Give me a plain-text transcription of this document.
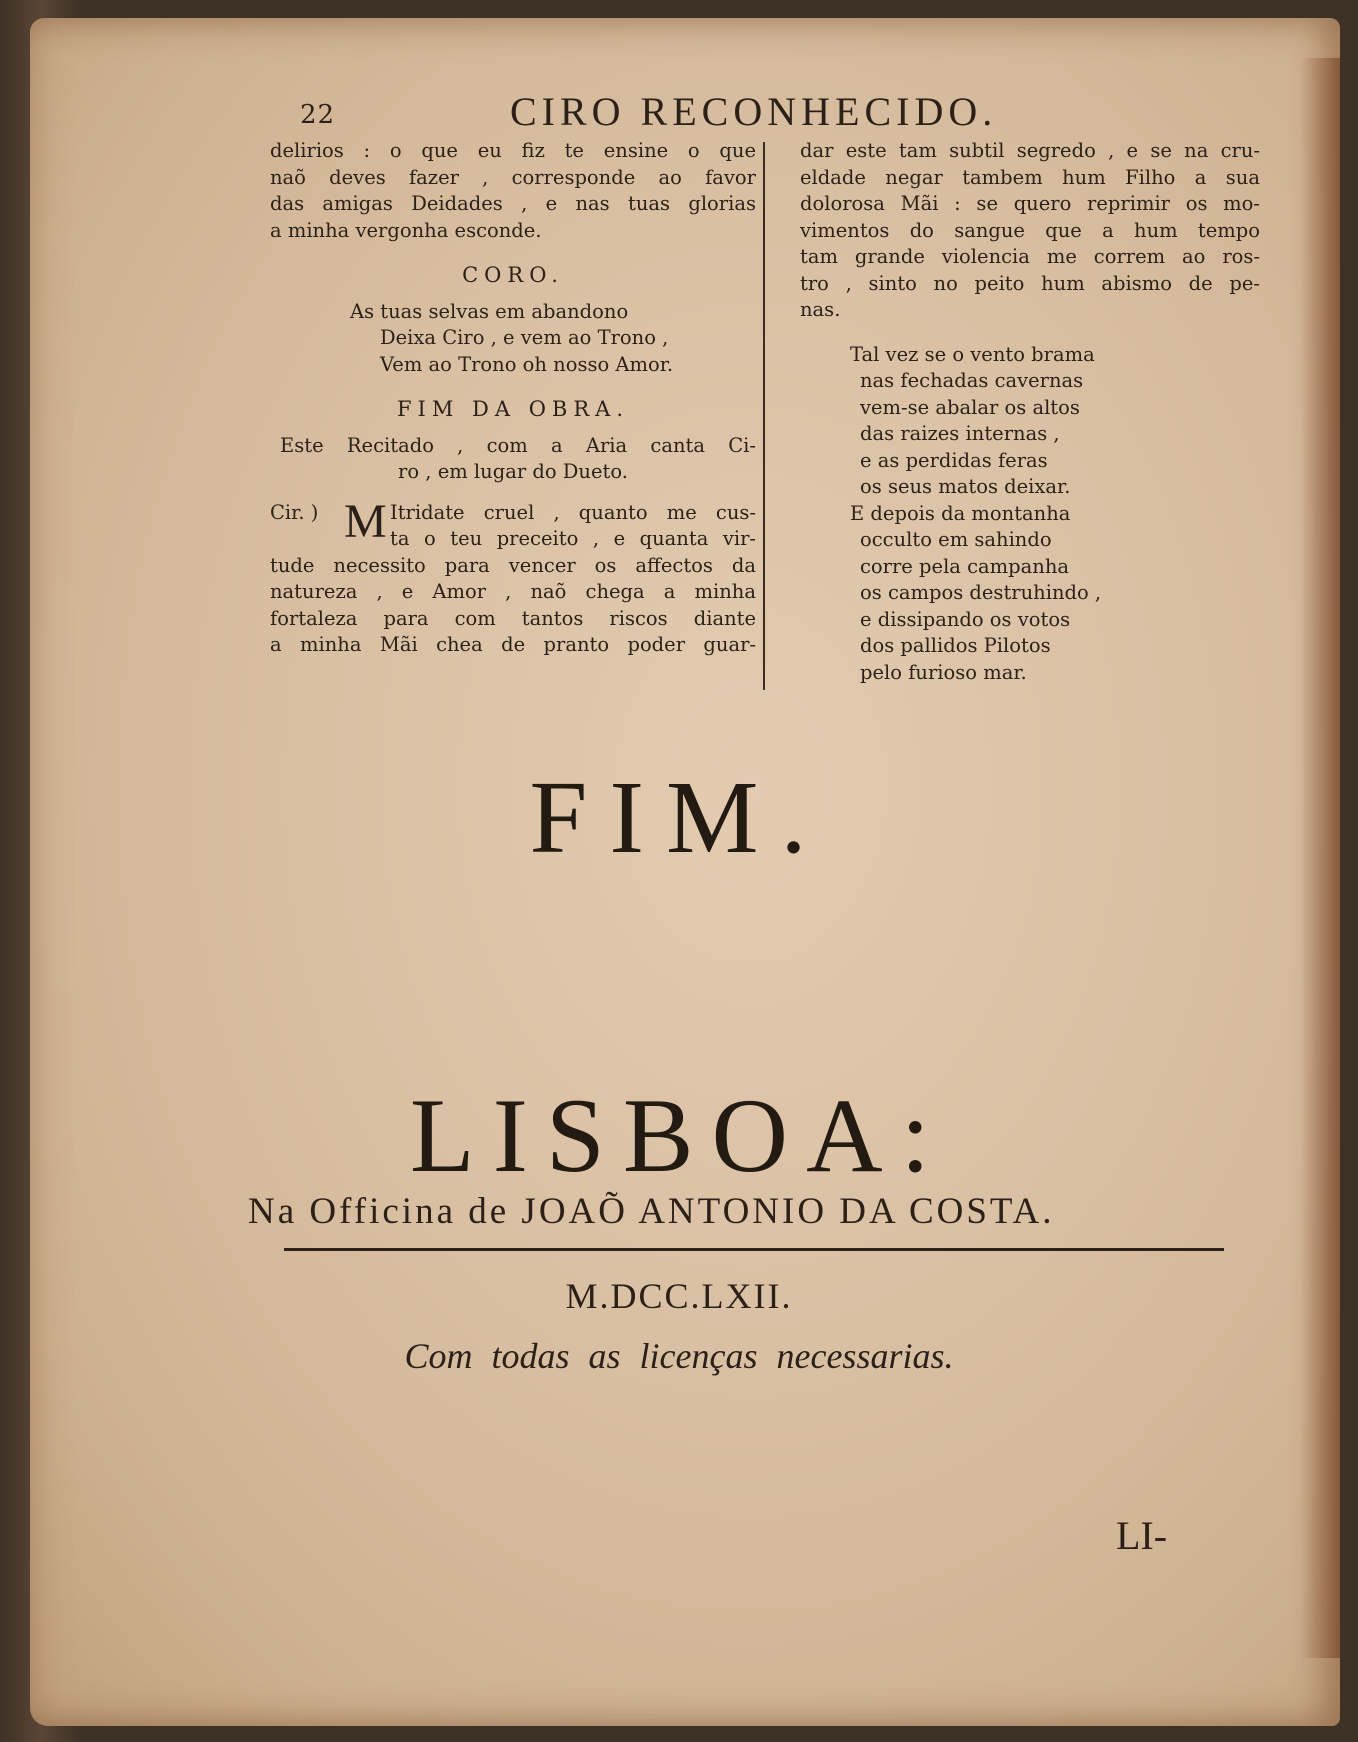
22	CIRO RECONHECIDO.
delirios : o que eu fiz te ensine o que
naõ deves fazer , corresponde ao favor
das amigas Deidades , e nas tuas glorias
a minha vergonha esconde.
CORO.
As tuas selvas em abandono
Deixa Ciro , e vem ao Trono ,
Vem ao Trono oh nosso Amor.
FIM DA OBRA.
Este Recitado , com a Aria canta Ci-
ro , em lugar do Dueto.
Cir. ) M Itridate cruel , quanto me cus-
ta o teu preceito , e quanta vir-
tude necessito para vencer os affectos da
natureza , e Amor , naõ chega a minha
fortaleza para com tantos riscos diante
a minha Mãi chea de pranto poder guar-
dar este tam subtil segredo , e se na cru-
eldade negar tambem hum Filho a sua
dolorosa Mãi : se quero reprimir os mo-
vimentos do sangue que a hum tempo
tam grande violencia me correm ao ros-
tro , sinto no peito hum abismo de pe-
nas.
Tal vez se o vento brama
nas fechadas cavernas
vem-se abalar os altos
das raizes internas ,
e as perdidas feras
os seus matos deixar.
E depois da montanha
occulto em sahindo
corre pela campanha
os campos destruhindo ,
e dissipando os votos
dos pallidos Pilotos
pelo furioso mar.
FIM.
LISBOA:
Na Officina de JOAÕ ANTONIO DA COSTA.
M.DCC.LXII.
Com todas as licenças necessarias.
LI-
